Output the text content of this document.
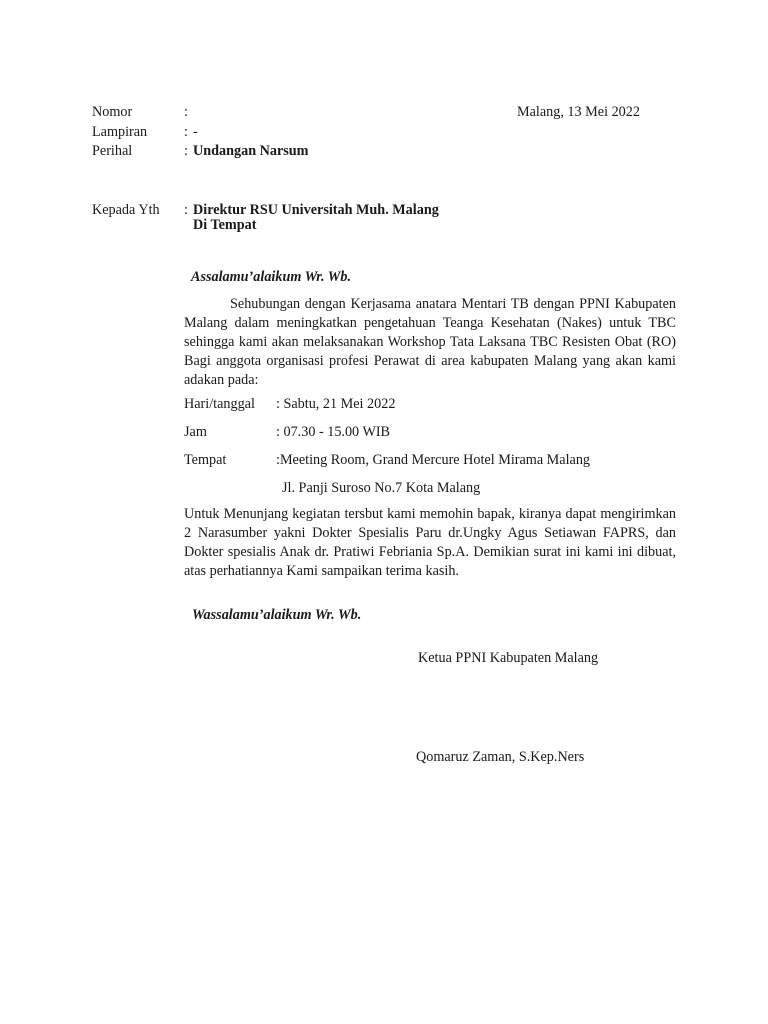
Nomor	:	Malang, 13 Mei 2022
Lampiran	: -
Perihal	: Undangan Narsum
Kepada Yth : Direktur RSU Universitah Muh. Malang
Di Tempat
Assalamu’alaikum Wr. Wb.

Sehubungan dengan Kerjasama anatara Mentari TB dengan PPNI Kabupaten Malang dalam meningkatkan pengetahuan Teanga Kesehatan (Nakes) untuk TBC sehingga kami akan melaksanakan Workshop Tata Laksana TBC Resisten Obat (RO) Bagi anggota organisasi profesi Perawat di area kabupaten Malang yang akan kami adakan pada:

Hari/tanggal : Sabtu, 21 Mei 2022
Jam	: 07.30 - 15.00 WIB
Tempat	:Meeting Room, Grand Mercure Hotel Mirama Malang
Jl. Panji Suroso No.7 Kota Malang

Untuk Menunjang kegiatan tersbut kami memohin bapak, kiranya dapat mengirimkan 2 Narasumber yakni Dokter Spesialis Paru dr.Ungky Agus Setiawan FAPRS, dan Dokter spesialis Anak dr. Pratiwi Febriania Sp.A. Demikian surat ini kami ini dibuat, atas perhatiannya Kami sampaikan terima kasih.

Wassalamu’alaikum Wr. Wb.
Ketua PPNI Kabupaten Malang
Qomaruz Zaman, S.Kep.Ners
